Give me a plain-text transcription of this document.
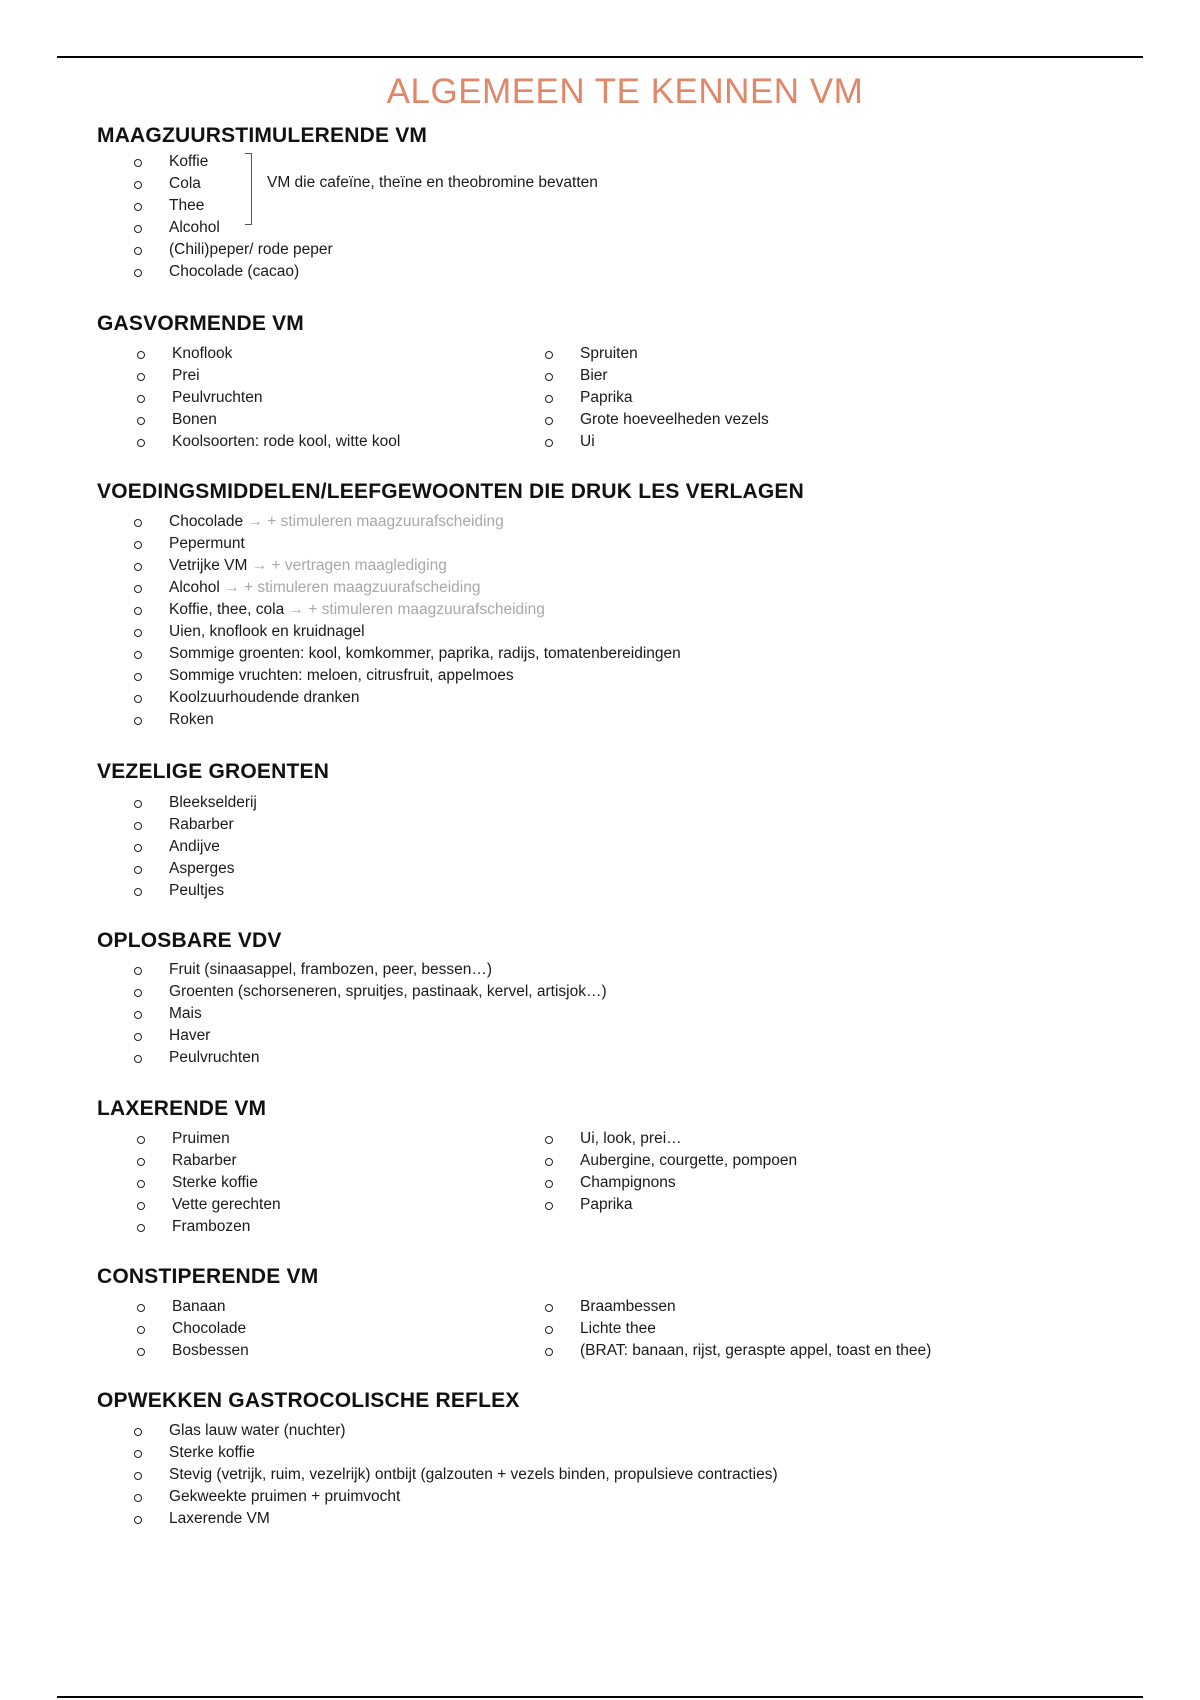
ALGEMEEN TE KENNEN VM
MAAGZUURSTIMULERENDE VM
Koffie
Cola
Thee
Alcohol
(Chili)peper/ rode peper
Chocolade (cacao)
VM die cafeïne, theïne en theobromine bevatten
GASVORMENDE VM
Knoflook
Prei
Peulvruchten
Bonen
Koolsoorten: rode kool, witte kool
Spruiten
Bier
Paprika
Grote hoeveelheden vezels
Ui
VOEDINGSMIDDELEN/LEEFGEWOONTEN DIE DRUK LES VERLAGEN
Chocolade → + stimuleren maagzuurafscheiding
Pepermunt
Vetrijke VM → + vertragen maaglediging
Alcohol → + stimuleren maagzuurafscheiding
Koffie, thee, cola → + stimuleren maagzuurafscheiding
Uien, knoflook en kruidnagel
Sommige groenten: kool, komkommer, paprika, radijs, tomatenbereidingen
Sommige vruchten: meloen, citrusfruit, appelmoes
Koolzuurhoudende dranken
Roken
VEZELIGE GROENTEN
Bleekselderij
Rabarber
Andijve
Asperges
Peultjes
OPLOSBARE VDV
Fruit (sinaasappel, frambozen, peer, bessen…)
Groenten (schorseneren, spruitjes, pastinaak, kervel, artisjok…)
Mais
Haver
Peulvruchten
LAXERENDE VM
Pruimen
Rabarber
Sterke koffie
Vette gerechten
Frambozen
Ui, look, prei…
Aubergine, courgette, pompoen
Champignons
Paprika
CONSTIPERENDE VM
Banaan
Chocolade
Bosbessen
Braambessen
Lichte thee
(BRAT: banaan, rijst, geraspte appel, toast en thee)
OPWEKKEN GASTROCOLISCHE REFLEX
Glas lauw water (nuchter)
Sterke koffie
Stevig (vetrijk, ruim, vezelrijk) ontbijt (galzouten + vezels binden, propulsieve contracties)
Gekweekte pruimen + pruimvocht
Laxerende VM
